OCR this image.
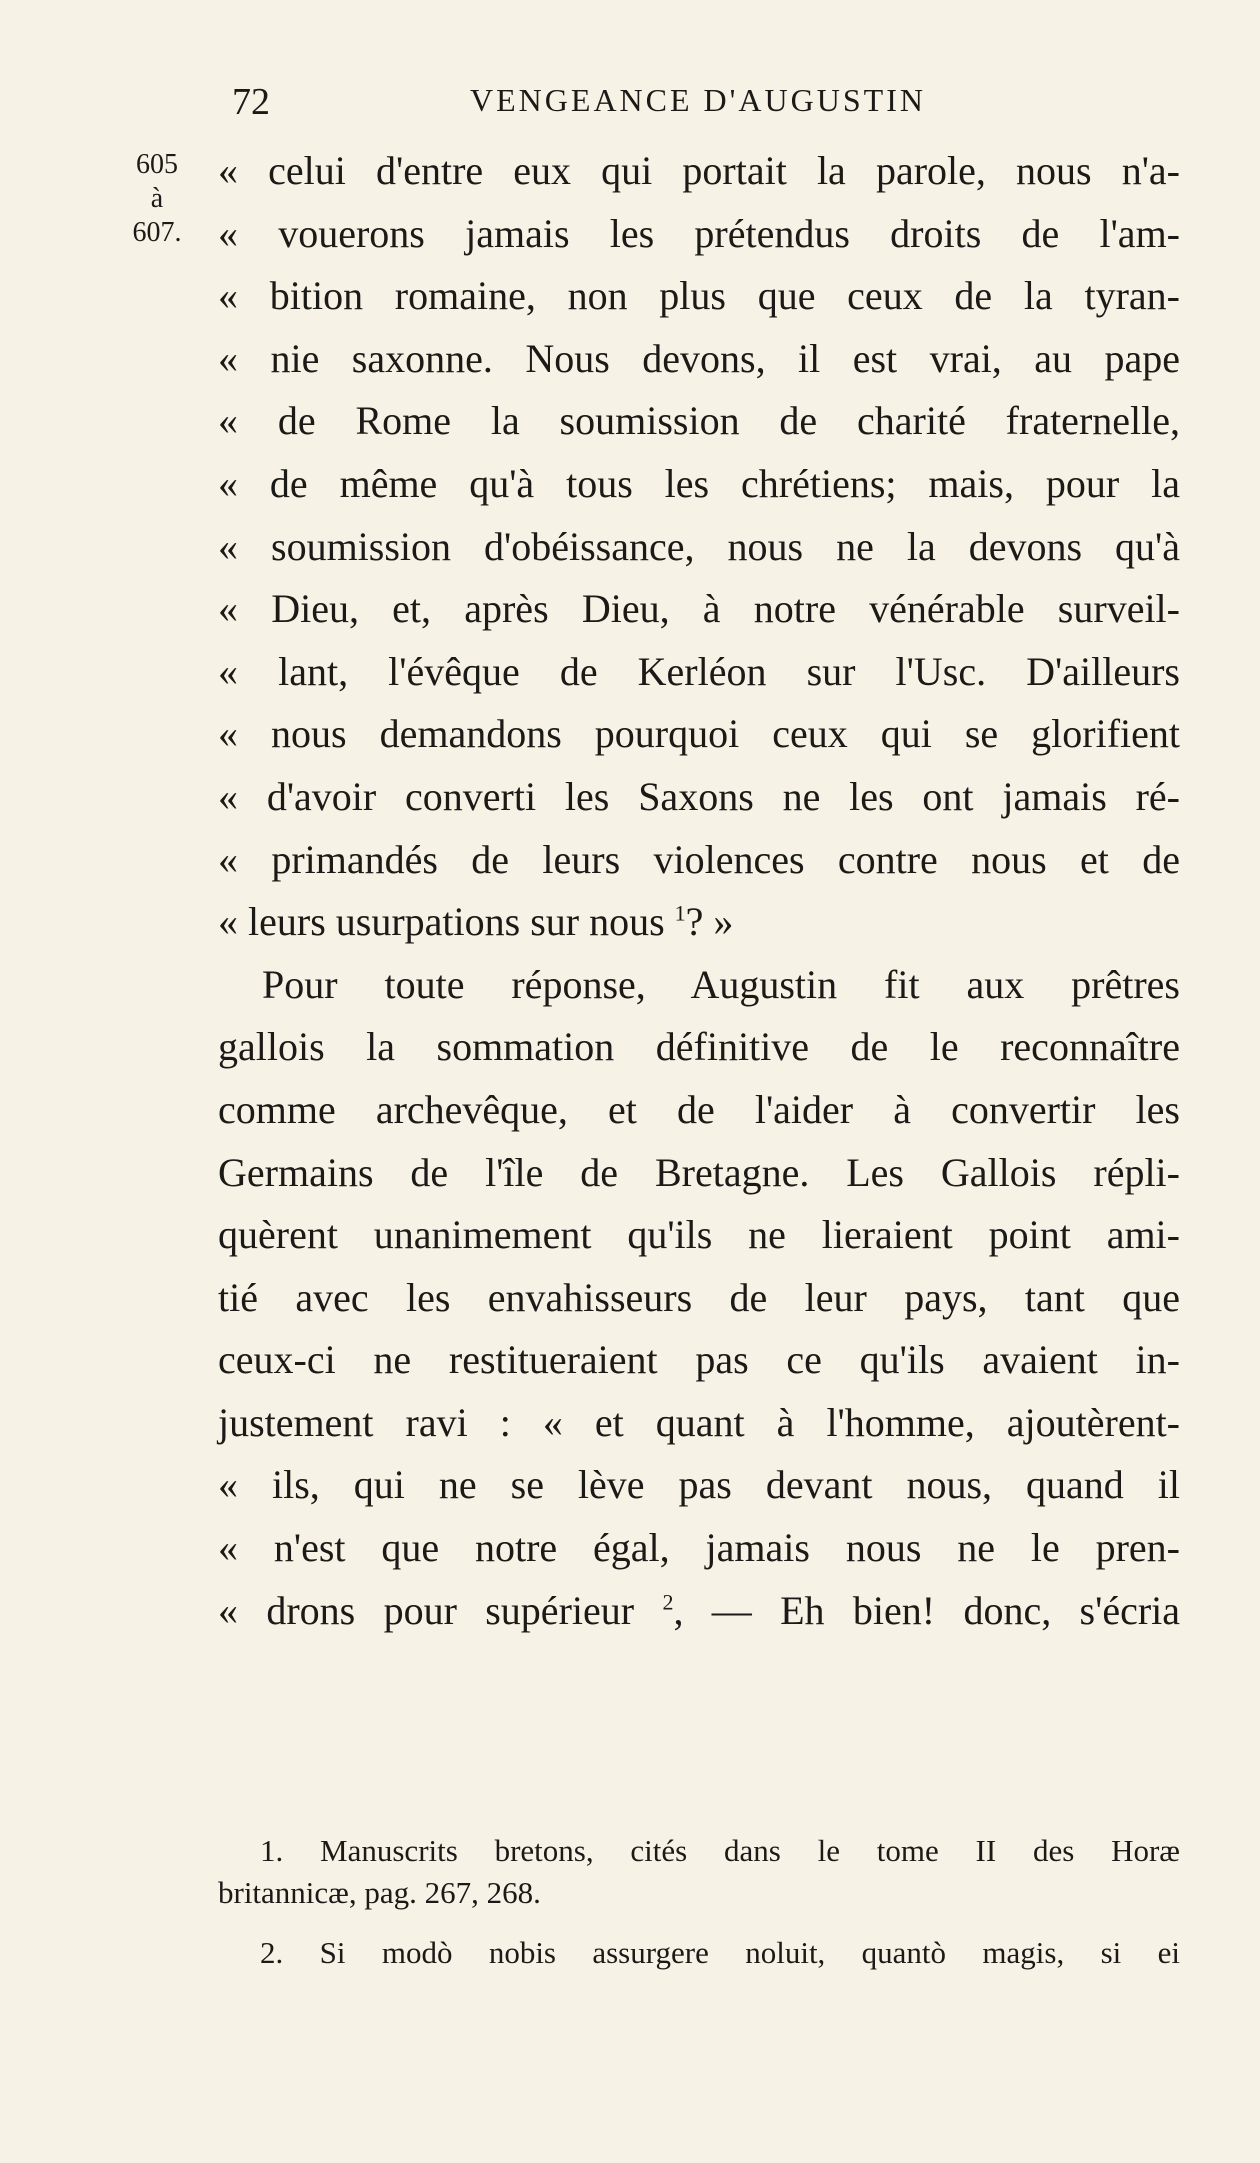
72	VENGEANCE D'AUGUSTIN
605
à
607.
« celui d'entre eux qui portait la parole, nous n'a-
« vouerons jamais les prétendus droits de l'am-
« bition romaine, non plus que ceux de la tyran-
« nie saxonne. Nous devons, il est vrai, au pape
« de Rome la soumission de charité fraternelle,
« de même qu'à tous les chrétiens; mais, pour la
« soumission d'obéissance, nous ne la devons qu'à
« Dieu, et, après Dieu, à notre vénérable surveil-
« lant, l'évêque de Kerléon sur l'Usc. D'ailleurs
« nous demandons pourquoi ceux qui se glorifient
« d'avoir converti les Saxons ne les ont jamais ré-
« primandés de leurs violences contre nous et de
« leurs usurpations sur nous $^1$? »
Pour toute réponse, Augustin fit aux prêtres
gallois la sommation définitive de le reconnaître
comme archevêque, et de l'aider à convertir les
Germains de l'île de Bretagne. Les Gallois répli-
quèrent unanimement qu'ils ne lieraient point ami-
tié avec les envahisseurs de leur pays, tant que
ceux-ci ne restitueraient pas ce qu'ils avaient in-
justement ravi : « et quant à l'homme, ajoutèrent-
« ils, qui ne se lève pas devant nous, quand il
« n'est que notre égal, jamais nous ne le pren-
« drons pour supérieur $^2$, — Eh bien! donc, s'écria
1. Manuscrits bretons, cités dans le tome II des Horæ
britannicæ, pag. 267, 268.
2. Si modò nobis assurgere noluit, quantò magis, si ei
